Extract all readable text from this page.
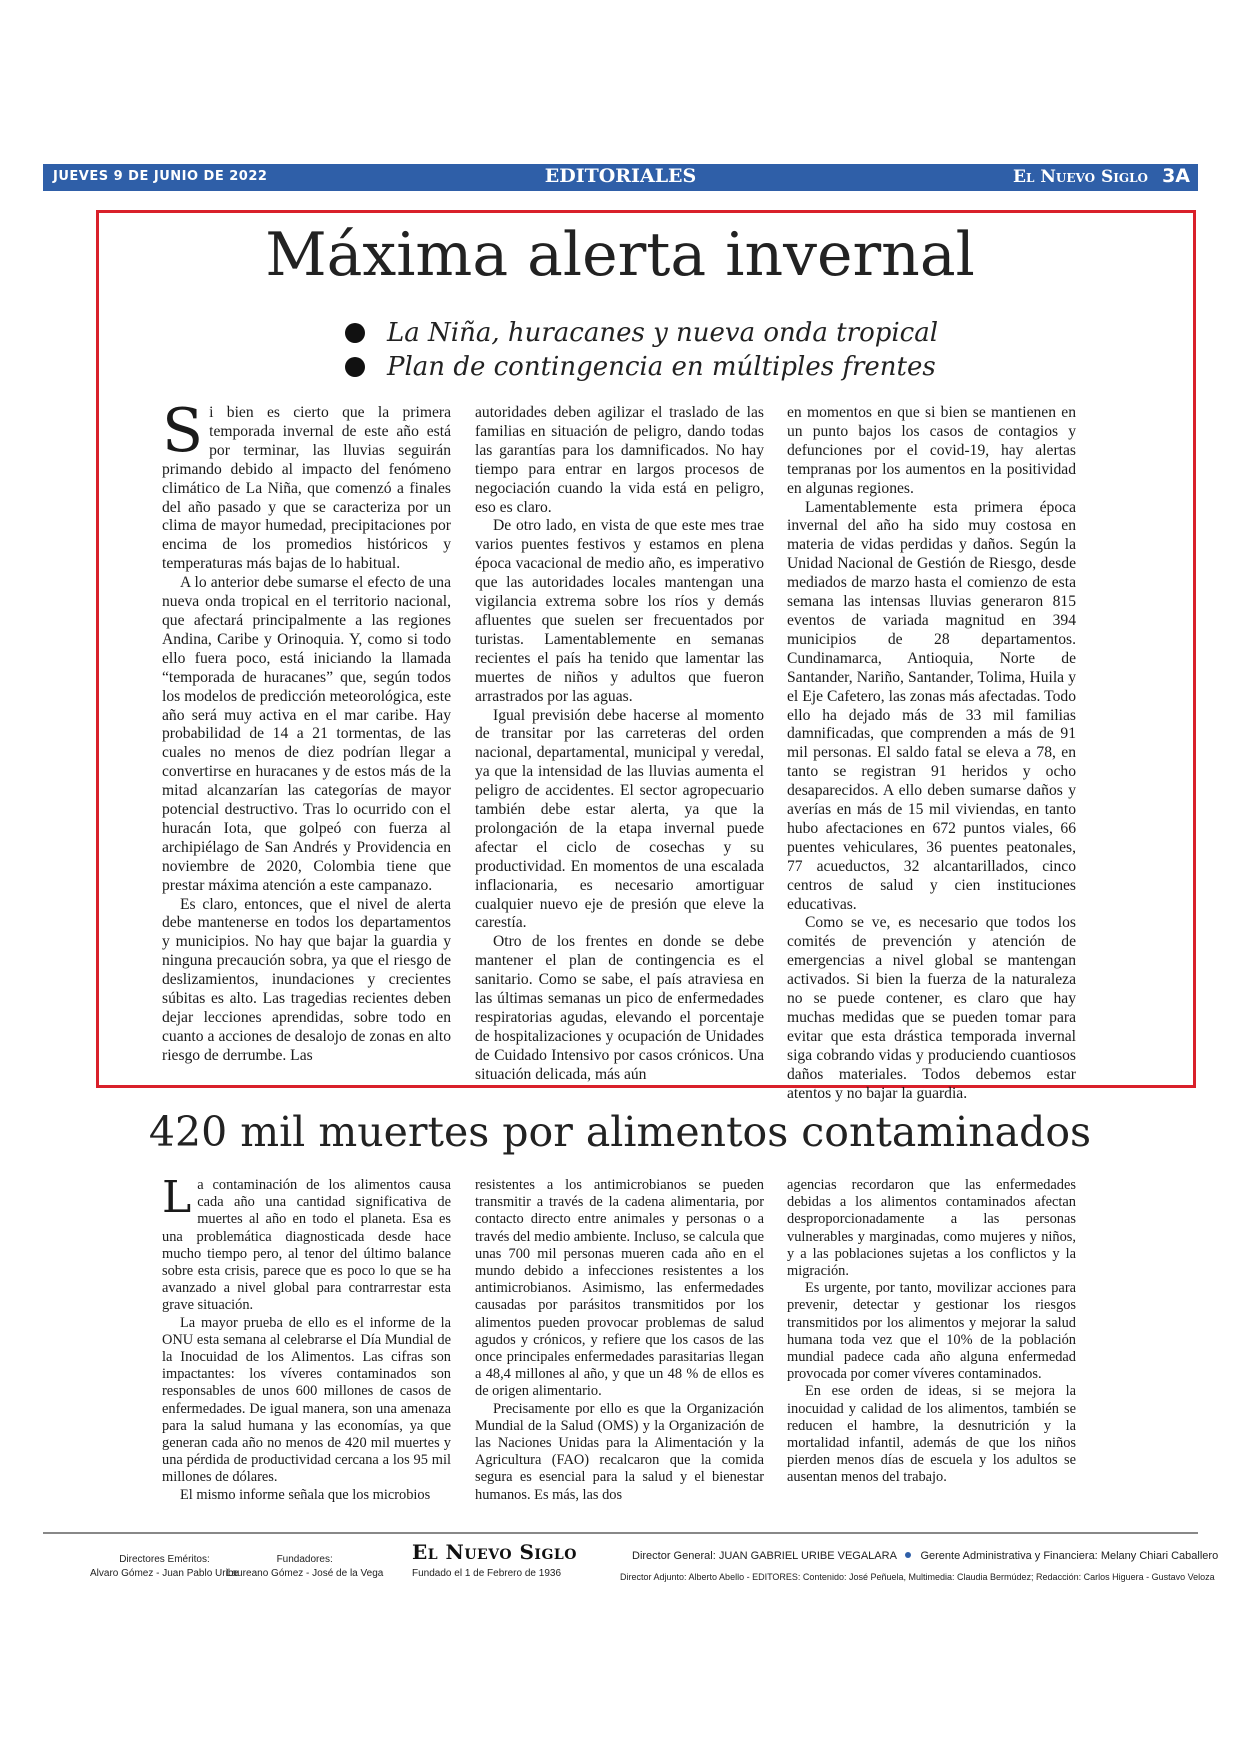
JUEVES 9 DE JUNIO DE 2022	EDITORIALES	El Nuevo Siglo 3A
Máxima alerta invernal
La Niña, huracanes y nueva onda tropical
Plan de contingencia en múltiples frentes

Si bien es cierto que la primera temporada invernal de este año está por terminar, las lluvias seguirán primando debido al impacto del fenómeno climático de La Niña, que comenzó a finales del año pasado y que se caracteriza por un clima de mayor humedad, precipitaciones por encima de los promedios históricos y temperaturas más bajas de lo habitual.

A lo anterior debe sumarse el efecto de una nueva onda tropical en el territorio nacional, que afectará principalmente a las regiones Andina, Caribe y Orinoquia. Y, como si todo ello fuera poco, está iniciando la llamada “temporada de huracanes” que, según todos los modelos de predicción meteorológica, este año será muy activa en el mar caribe. Hay probabilidad de 14 a 21 tormentas, de las cuales no menos de diez podrían llegar a convertirse en huracanes y de estos más de la mitad alcanzarían las categorías de mayor potencial destructivo. Tras lo ocurrido con el huracán Iota, que golpeó con fuerza al archipiélago de San Andrés y Providencia en noviembre de 2020, Colombia tiene que prestar máxima atención a este campanazo.

Es claro, entonces, que el nivel de alerta debe mantenerse en todos los departamentos y municipios. No hay que bajar la guardia y ninguna precaución sobra, ya que el riesgo de deslizamientos, inundaciones y crecientes súbitas es alto. Las tragedias recientes deben dejar lecciones aprendidas, sobre todo en cuanto a acciones de desalojo de zonas en alto riesgo de derrumbe. Las

autoridades deben agilizar el traslado de las familias en situación de peligro, dando todas las garantías para los damnificados. No hay tiempo para entrar en largos procesos de negociación cuando la vida está en peligro, eso es claro.

De otro lado, en vista de que este mes trae varios puentes festivos y estamos en plena época vacacional de medio año, es imperativo que las autoridades locales mantengan una vigilancia extrema sobre los ríos y demás afluentes que suelen ser frecuentados por turistas. Lamentablemente en semanas recientes el país ha tenido que lamentar las muertes de niños y adultos que fueron arrastrados por las aguas.

Igual previsión debe hacerse al momento de transitar por las carreteras del orden nacional, departamental, municipal y veredal, ya que la intensidad de las lluvias aumenta el peligro de accidentes. El sector agropecuario también debe estar alerta, ya que la prolongación de la etapa invernal puede afectar el ciclo de cosechas y su productividad. En momentos de una escalada inflacionaria, es necesario amortiguar cualquier nuevo eje de presión que eleve la carestía.

Otro de los frentes en donde se debe mantener el plan de contingencia es el sanitario. Como se sabe, el país atraviesa en las últimas semanas un pico de enfermedades respiratorias agudas, elevando el porcentaje de hospitalizaciones y ocupación de Unidades de Cuidado Intensivo por casos crónicos. Una situación delicada, más aún

en momentos en que si bien se mantienen en un punto bajos los casos de contagios y defunciones por el covid-19, hay alertas tempranas por los aumentos en la positividad en algunas regiones.

Lamentablemente esta primera época invernal del año ha sido muy costosa en materia de vidas perdidas y daños. Según la Unidad Nacional de Gestión de Riesgo, desde mediados de marzo hasta el comienzo de esta semana las intensas lluvias generaron 815 eventos de variada magnitud en 394 municipios de 28 departamentos. Cundinamarca, Antioquia, Norte de Santander, Nariño, Santander, Tolima, Huila y el Eje Cafetero, las zonas más afectadas. Todo ello ha dejado más de 33 mil familias damnificadas, que comprenden a más de 91 mil personas. El saldo fatal se eleva a 78, en tanto se registran 91 heridos y ocho desaparecidos. A ello deben sumarse daños y averías en más de 15 mil viviendas, en tanto hubo afectaciones en 672 puntos viales, 66 puentes vehiculares, 36 puentes peatonales, 77 acueductos, 32 alcantarillados, cinco centros de salud y cien instituciones educativas.

Como se ve, es necesario que todos los comités de prevención y atención de emergencias a nivel global se mantengan activados. Si bien la fuerza de la naturaleza no se puede contener, es claro que hay muchas medidas que se pueden tomar para evitar que esta drástica temporada invernal siga cobrando vidas y produciendo cuantiosos daños materiales. Todos debemos estar atentos y no bajar la guardia.

420 mil muertes por alimentos contaminados

La contaminación de los alimentos causa cada año una cantidad significativa de muertes al año en todo el planeta. Esa es una problemática diagnosticada desde hace mucho tiempo pero, al tenor del último balance sobre esta crisis, parece que es poco lo que se ha avanzado a nivel global para contrarrestar esta grave situación.

La mayor prueba de ello es el informe de la ONU esta semana al celebrarse el Día Mundial de la Inocuidad de los Alimentos. Las cifras son impactantes: los víveres contaminados son responsables de unos 600 millones de casos de enfermedades. De igual manera, son una amenaza para la salud humana y las economías, ya que generan cada año no menos de 420 mil muertes y una pérdida de productividad cercana a los 95 mil millones de dólares.

El mismo informe señala que los microbios

resistentes a los antimicrobianos se pueden transmitir a través de la cadena alimentaria, por contacto directo entre animales y personas o a través del medio ambiente. Incluso, se calcula que unas 700 mil personas mueren cada año en el mundo debido a infecciones resistentes a los antimicrobianos. Asimismo, las enfermedades causadas por parásitos transmitidos por los alimentos pueden provocar problemas de salud agudos y crónicos, y refiere que los casos de las once principales enfermedades parasitarias llegan a 48,4 millones al año, y que un 48 % de ellos es de origen alimentario.

Precisamente por ello es que la Organización Mundial de la Salud (OMS) y la Organización de las Naciones Unidas para la Alimentación y la Agricultura (FAO) recalcaron que la comida segura es esencial para la salud y el bienestar humanos. Es más, las dos

agencias recordaron que las enfermedades debidas a los alimentos contaminados afectan desproporcionadamente a las personas vulnerables y marginadas, como mujeres y niños, y a las poblaciones sujetas a los conflictos y la migración.

Es urgente, por tanto, movilizar acciones para prevenir, detectar y gestionar los riesgos transmitidos por los alimentos y mejorar la salud humana toda vez que el 10% de la población mundial padece cada año alguna enfermedad provocada por comer víveres contaminados.

En ese orden de ideas, si se mejora la inocuidad y calidad de los alimentos, también se reducen el hambre, la desnutrición y la mortalidad infantil, además de que los niños pierden menos días de escuela y los adultos se ausentan menos del trabajo.

Directores Eméritos:
Alvaro Gómez - Juan Pablo Uribe
Fundadores:
Laureano Gómez - José de la Vega
El Nuevo Siglo
Fundado el 1 de Febrero de 1936
Director General: JUAN GABRIEL URIBE VEGALARA Gerente Administrativa y Financiera: Melany Chiari Caballero
Director Adjunto: Alberto Abello - EDITORES: Contenido: José Peñuela, Multimedia: Claudia Bermúdez; Redacción: Carlos Higuera - Gustavo Veloza
